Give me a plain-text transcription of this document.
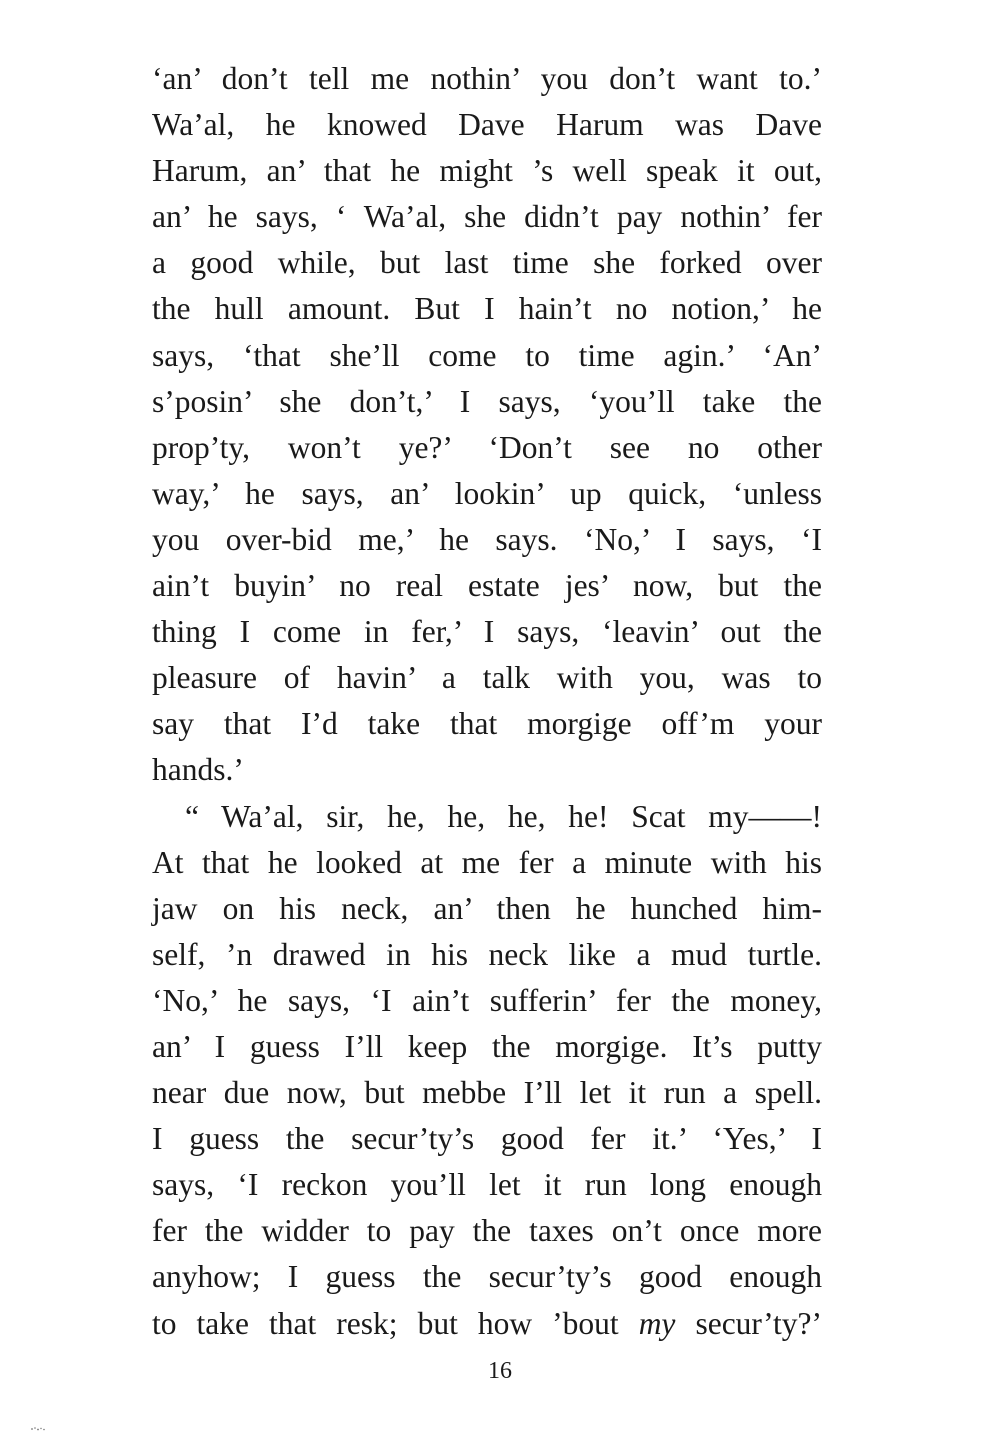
‘an’ don’t tell me nothin’ you don’t want to.’
Wa’al, he knowed Dave Harum was Dave
Harum, an’ that he might ’s well speak it out,
an’ he says, ‘ Wa’al, she didn’t pay nothin’ fer
a good while, but last time she forked over
the hull amount. But I hain’t no notion,’ he
says, ‘that she’ll come to time agin.’ ‘An’
s’posin’ she don’t,’ I says, ‘you’ll take the
prop’ty, won’t ye?’ ‘Don’t see no other
way,’ he says, an’ lookin’ up quick, ‘unless
you over-bid me,’ he says. ‘No,’ I says, ‘I
ain’t buyin’ no real estate jes’ now, but the
thing I come in fer,’ I says, ‘leavin’ out the
pleasure of havin’ a talk with you, was to
say that I’d take that morgige off’m your
hands.’
“ Wa’al, sir, he, he, he, he! Scat my——!
At that he looked at me fer a minute with his
jaw on his neck, an’ then he hunched him-
self, ’n drawed in his neck like a mud turtle.
‘No,’ he says, ‘I ain’t sufferin’ fer the money,
an’ I guess I’ll keep the morgige. It’s putty
near due now, but mebbe I’ll let it run a spell.
I guess the secur’ty’s good fer it.’ ‘Yes,’ I
says, ‘I reckon you’ll let it run long enough
fer the widder to pay the taxes on’t once more
anyhow; I guess the secur’ty’s good enough
to take that resk; but how ’bout my secur’ty?’
16
